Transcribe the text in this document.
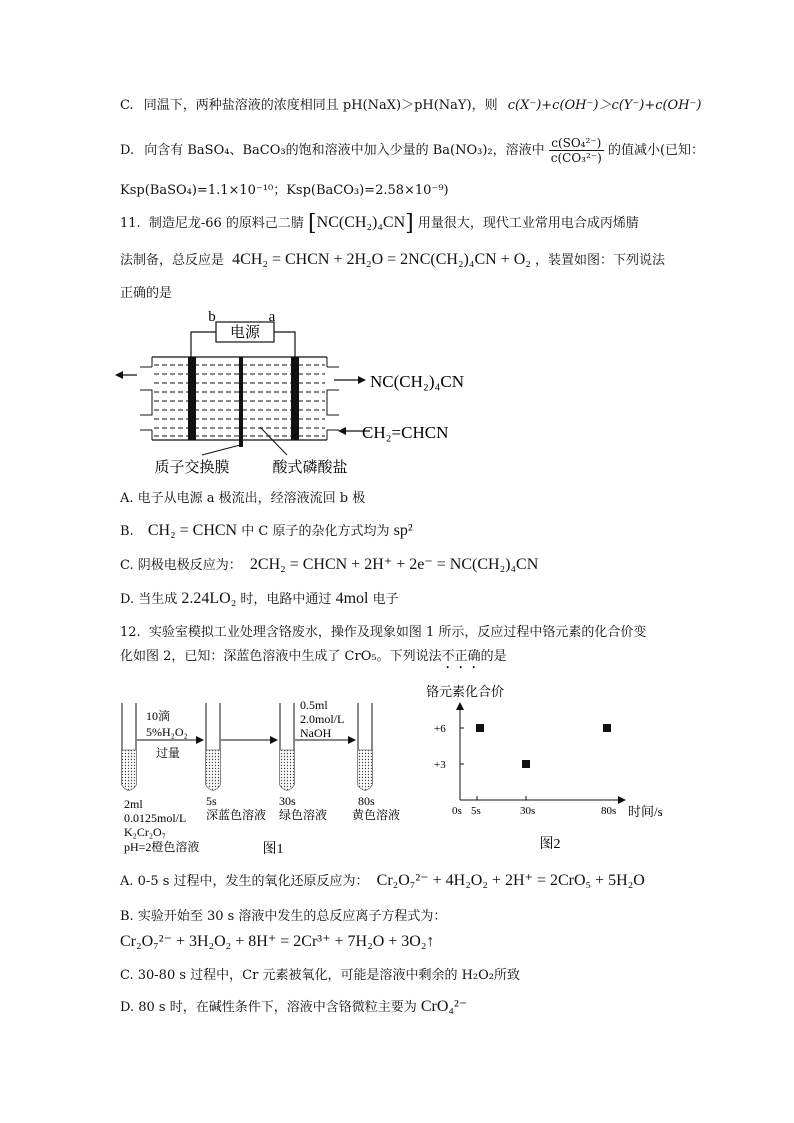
C. 同温下，两种盐溶液的浓度相同且 pH(NaX)＞pH(NaY)，则 c(X⁻)+c(OH⁻)＞c(Y⁻)+c(OH⁻)
D. 向含有 BaSO₄、BaCO₃的饱和溶液中加入少量的 Ba(NO₃)₂，溶液中 $\frac{\text{c(SO₄²⁻)}}{\text{c(CO₃²⁻)}}$ 的值减小(已知：
Ksp(BaSO₄)=1.1×10⁻¹⁰；Ksp(BaCO₃)=2.58×10⁻⁹)
11. 制造尼龙-66 的原料己二腈 [NC(CH₂)₄CN] 用量很大，现代工业常用电合成丙烯腈
法制备，总反应是 4CH₂ = CHCN + 2H₂O = 2NC(CH₂)₄CN + O₂ ，装置如图：下列说法
正确的是
电源
b	a
NC(CH₂)₄CN
CH₂=CHCN
质子交换膜	酸式磷酸盐
A. 电子从电源 a 极流出，经溶液流回 b 极
B. CH₂ = CHCN 中 C 原子的杂化方式均为 sp²
C. 阴极电极反应为： 2CH₂ = CHCN + 2H⁺ + 2e⁻ = NC(CH₂)₄CN
D. 当生成 2.24LO₂ 时，电路中通过 4mol 电子
12. 实验室模拟工业处理含铬废水，操作及现象如图 1 所示，反应过程中铬元素的化合价变
化如图 2，已知：深蓝色溶液中生成了 CrO₅。下列说法不正确的是
10滴
5%H₂O₂
过量
0.5ml
2.0mol/L
NaOH
2ml
0.0125mol/L
K₂Cr₂O₇
pH=2橙色溶液
5s
深蓝色溶液
30s
绿色溶液
80s
黄色溶液
图1
铬元素化合价
时间/s
+6
+3
0s 5s	30s	80s
图2
A. 0-5 s 过程中，发生的氧化还原反应为： Cr₂O₇²⁻ + 4H₂O₂ + 2H⁺ = 2CrO₅ + 5H₂O
B. 实验开始至 30 s 溶液中发生的总反应离子方程式为：
Cr₂O₇²⁻ + 3H₂O₂ + 8H⁺ = 2Cr³⁺ + 7H₂O + 3O₂↑
C. 30-80 s 过程中，Cr 元素被氧化，可能是溶液中剩余的 H₂O₂所致
D. 80 s 时，在碱性条件下，溶液中含铬微粒主要为 CrO₄²⁻
